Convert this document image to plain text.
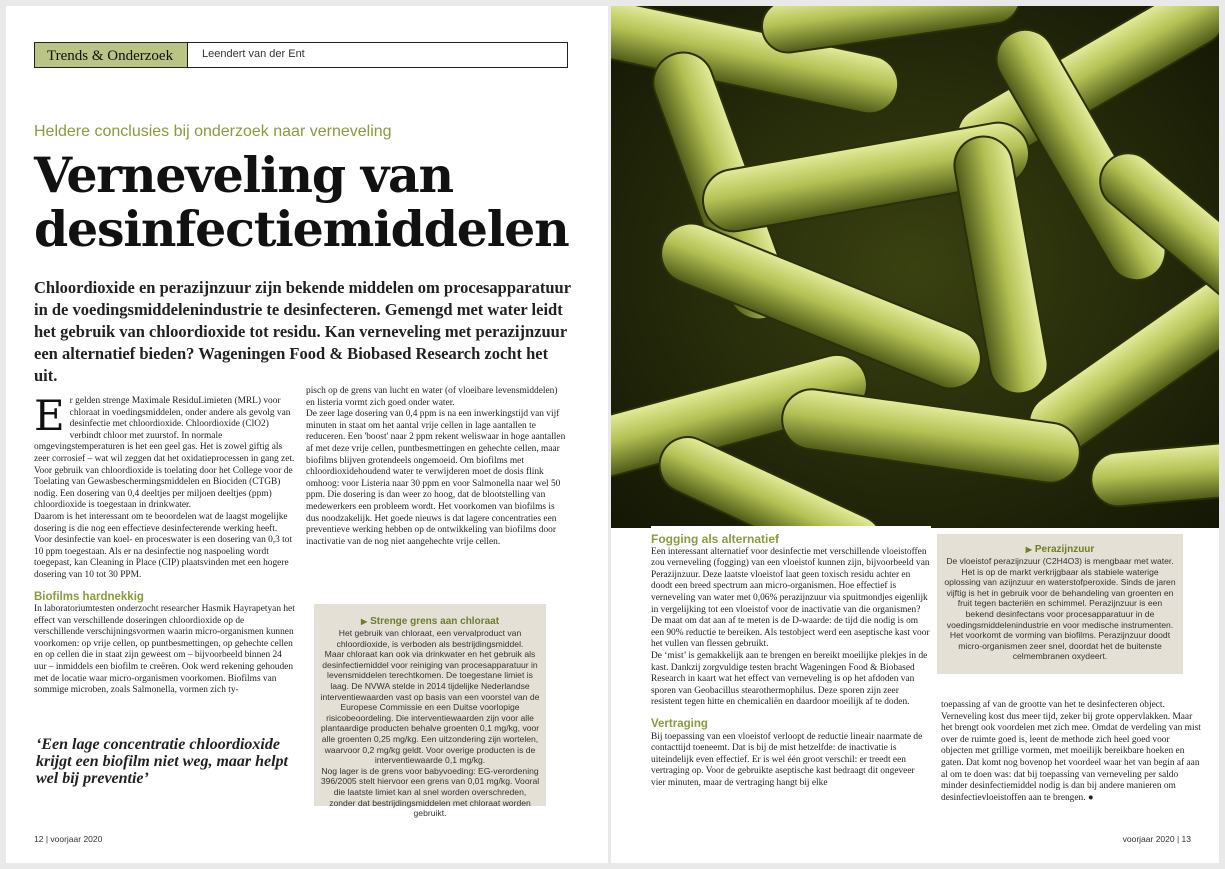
Trends & Onderzoek	Leendert van der Ent
Heldere conclusies bij onderzoek naar verneveling
Verneveling van
desinfectiemiddelen
Chloordioxide en perazijnzuur zijn bekende middelen om procesapparatuur in de voedingsmiddelenindustrie te desinfecteren. Gemengd met water leidt het gebruik van chloordioxide tot residu. Kan verneveling met perazijnzuur een alternatief bieden? Wageningen Food & Biobased Research zocht het uit.
E r gelden strenge Maximale ResiduLimieten (MRL) voor chloraat in voedingsmiddelen, onder andere als gevolg van desinfectie met chloordioxide. Chloordioxide (ClO2) verbindt chloor met zuurstof. In normale omgevingstemperaturen is het een geel gas. Het is zowel giftig als zeer corrosief – wat wil zeggen dat het oxidatieprocessen in gang zet. Voor gebruik van chloordioxide is toelating door het College voor de Toelating van Gewasbeschermingsmiddelen en Biociden (CTGB) nodig. Een dosering van 0,4 deeltjes per miljoen deeltjes (ppm) chloordioxide is toegestaan in drinkwater.

Daarom is het interessant om te beoordelen wat de laagst mogelijke dosering is die nog een effectieve desinfecterende werking heeft. Voor desinfectie van koel- en proceswater is een dosering van 0,3 tot 10 ppm toegestaan. Als er na desinfectie nog naspoeling wordt toegepast, kan Cleaning in Place (CIP) plaatsvinden met een hogere dosering van 10 tot 30 PPM.

Biofilms hardnekkig

In laboratoriumtesten onderzocht researcher Hasmik Hayrapetyan het effect van verschillende doseringen chloordioxide op de verschillende verschijningsvormen waarin micro-organismen kunnen voorkomen: op vrije cellen, op puntbesmettingen, op gehechte cellen en op cellen die in staat zijn geweest om – bijvoorbeeld binnen 24 uur – inmiddels een biofilm te creëren. Ook werd rekening gehouden met de locatie waar micro-organismen voorkomen. Biofilms van sommige microben, zoals Salmonella, vormen zich ty-

pisch op de grens van lucht en water (of vloeibare levensmiddelen) en listeria vormt zich goed onder water.

De zeer lage dosering van 0,4 ppm is na een inwerkingstijd van vijf minuten in staat om het aantal vrije cellen in lage aantallen te reduceren. Een 'boost' naar 2 ppm rekent weliswaar in hoge aantallen af met deze vrije cellen, puntbesmettingen en gehechte cellen, maar biofilms blijven grotendeels ongemoeid. Om biofilms met chloordioxidehoudend water te verwijderen moet de dosis flink omhoog: voor Listeria naar 30 ppm en voor Salmonella naar wel 50 ppm. Die dosering is dan weer zo hoog, dat de blootstelling van medewerkers een probleem wordt. Het voorkomen van biofilms is dus noodzakelijk. Het goede nieuws is dat lagere concentraties een preventieve werking hebben op de ontwikkeling van biofilms door inactivatie van de nog niet aangehechte vrije cellen.

‘Een lage concentratie chloordioxide krijgt een biofilm niet weg, maar helpt wel bij preventie’
▶ Strenge grens aan chloraat
Het gebruik van chloraat, een vervalproduct van chloordioxide, is verboden als bestrijdingsmiddel.
Maar chloraat kan ook via drinkwater en het gebruik als desinfectiemiddel voor reiniging van procesapparatuur in levensmiddelen terechtkomen. De toegestane limiet is laag. De NVWA stelde in 2014 tijdelijke Nederlandse interventiewaarden vast op basis van een voorstel van de Europese Commissie en een Duitse voorlopige risicobeoordeling. Die interventiewaarden zijn voor alle plantaardige producten behalve groenten 0,1 mg/kg, voor alle groenten 0,25 mg/kg. Een uitzondering zijn wortelen, waarvoor 0,2 mg/kg geldt. Voor overige producten is de interventiewaarde 0,1 mg/kg.
Nog lager is de grens voor babyvoeding: EG-verordening 396/2005 stelt hiervoor een grens van 0,01 mg/kg. Vooral die laatste limiet kan al snel worden overschreden, zonder dat bestrijdingsmiddelen met chloraat worden gebruikt.
12 | voorjaar 2020
Fogging als alternatief

Een interessant alternatief voor desinfectie met verschillende vloeistoffen zou verneveling (fogging) van een vloeistof kunnen zijn, bijvoorbeeld van Perazijnzuur. Deze laatste vloeistof laat geen toxisch residu achter en doodt een breed spectrum aan micro-organismen. Hoe effectief is verneveling van water met 0,06% perazijnzuur via spuitmondjes eigenlijk in vergelijking tot een vloeistof voor de inactivatie van die organismen? De maat om dat aan af te meten is de D-waarde: de tijd die nodig is om een 90% reductie te bereiken. Als testobject werd een aseptische kast voor het vullen van flessen gebruikt.

De ‘mist’ is gemakkelijk aan te brengen en bereikt moeilijke plekjes in de kast. Dankzij zorgvuldige testen bracht Wageningen Food & Biobased Research in kaart wat het effect van verneveling is op het afdoden van sporen van Geobacillus stearothermophilus. Deze sporen zijn zeer resistent tegen hitte en chemicaliën en daardoor moeilijk af te doden.

Vertraging

Bij toepassing van een vloeistof verloopt de reductie lineair naarmate de contacttijd toeneemt. Dat is bij de mist hetzelfde: de inactivatie is uiteindelijk even effectief. Er is wel één groot verschil: er treedt een vertraging op. Voor de gebruikte aseptische kast bedraagt dit ongeveer vier minuten, maar de vertraging hangt bij elke

▶ Perazijnzuur
De vloeistof perazijnzuur (C2H4O3) is mengbaar met water. Het is op de markt verkrijgbaar als stabiele waterige oplossing van azijnzuur en waterstofperoxide. Sinds de jaren vijftig is het in gebruik voor de behandeling van groenten en fruit tegen bacteriën en schimmel. Perazijnzuur is een bekend desinfectans voor procesapparatuur in de voedingsmiddelenindustrie en voor medische instrumenten. Het voorkomt de vorming van biofilms. Perazijnzuur doodt micro-organismen zeer snel, doordat het de buitenste celmembranen oxydeert.

toepassing af van de grootte van het te desinfecteren object. Verneveling kost dus meer tijd, zeker bij grote oppervlakken. Maar het brengt ook voordelen met zich mee. Omdat de verdeling van mist over de ruimte goed is, leent de methode zich heel goed voor objecten met grillige vormen, met moeilijk bereikbare hoeken en gaten. Dat komt nog bovenop het voordeel waar het van begin af aan al om te doen was: dat bij toepassing van verneveling per saldo minder desinfectiemiddel nodig is dan bij andere manieren om desinfectievloeistoffen aan te brengen. ●

voorjaar 2020 | 13
